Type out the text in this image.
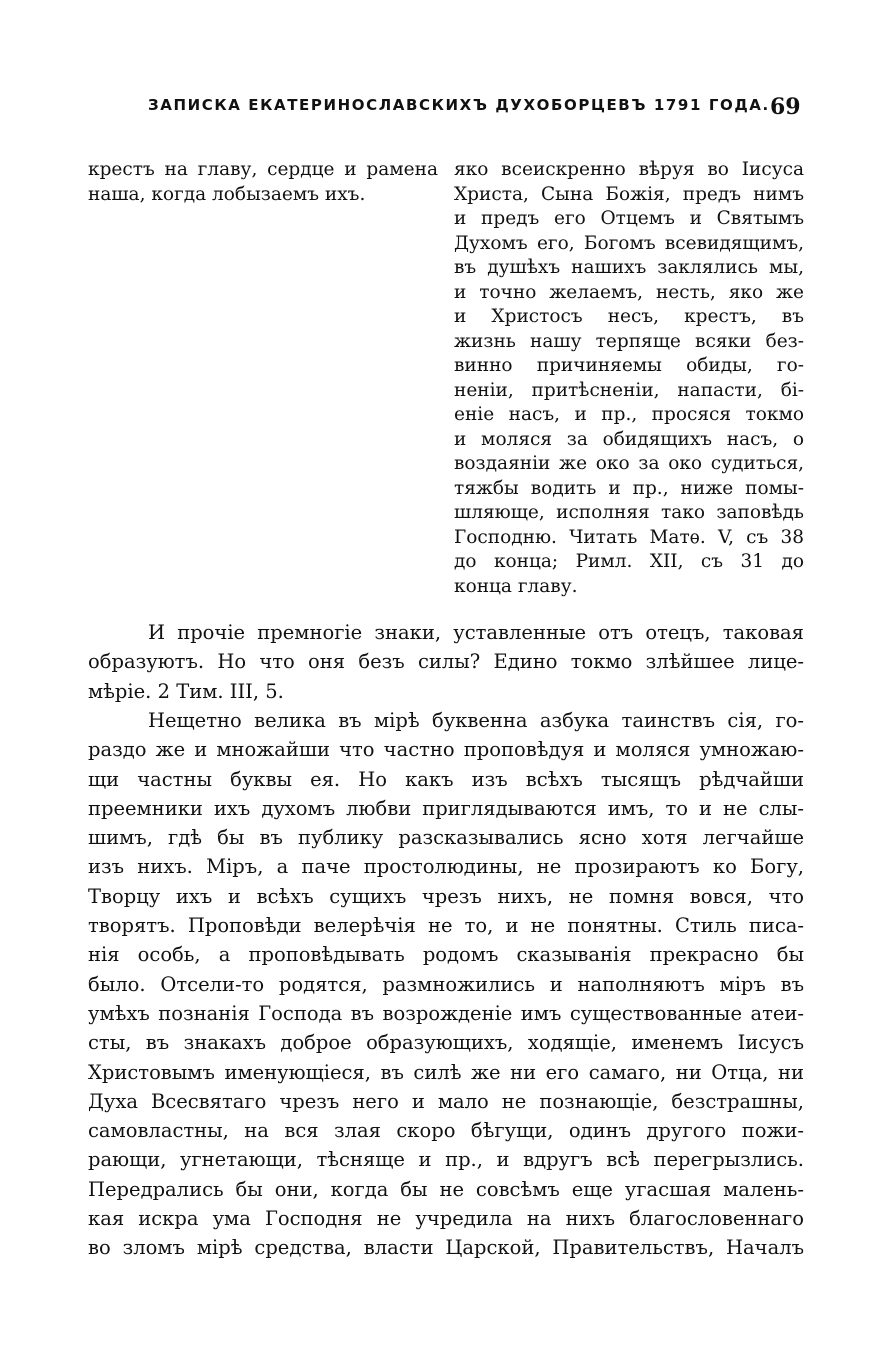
ЗАПИСКА ЕКАТЕРИНОСЛАВСКИХЪ ДУХОБОРЦЕВЪ 1791 ГОДА. 69
крестъ на главу, сердце и рамена
наша, когда лобызаемъ ихъ.
яко всеискренно вѣруя во Іисуса
Христа, Сына Божія, предъ нимъ
и предъ его Отцемъ и Святымъ
Духомъ его, Богомъ всевидящимъ,
въ душѣхъ нашихъ заклялись мы,
и точно желаемъ, несть, яко же
и Христосъ несъ, крестъ, въ
жизнь нашу терпяще всяки без-
винно причиняемы обиды, го-
неніи, притѣсненіи, напасти, бі-
еніе насъ, и пр., просяся токмо
и моляся за обидящихъ насъ, о
воздаяніи же око за око судиться,
тяжбы водить и пр., ниже помы-
шляюще, исполняя тако заповѣдь
Господню. Читать Матѳ. V, съ 38
до конца; Римл. XII, съ 31 до
конца главу.
И прочіе премногіе знаки, уставленные отъ отецъ, таковая
образуютъ. Но что оня безъ силы? Едино токмо злѣйшее лице-
мѣріе. 2 Тим. III, 5.
Нещетно велика въ мірѣ буквенна азбука таинствъ сія, го-
раздо же и множайши что частно проповѣдуя и моляся умножаю-
щи частны буквы ея. Но какъ изъ всѣхъ тысящъ рѣдчайши
преемники ихъ духомъ любви приглядываются имъ, то и не слы-
шимъ, гдѣ бы въ публику разсказывались ясно хотя легчайше
изъ нихъ. Міръ, а паче простолюдины, не прозираютъ ко Богу,
Творцу ихъ и всѣхъ сущихъ чрезъ нихъ, не помня вовся, что
творятъ. Проповѣди велерѣчія не то, и не понятны. Стиль писа-
нія особь, а проповѣдывать родомъ сказыванія прекрасно бы
было. Отсели-то родятся, размножились и наполняютъ міръ въ
умѣхъ познанія Господа въ возрожденіе имъ существованные атеи-
сты, въ знакахъ доброе образующихъ, ходящіе, именемъ Іисусъ
Христовымъ именующіеся, въ силѣ же ни его самаго, ни Отца, ни
Духа Всесвятаго чрезъ него и мало не познающіе, безстрашны,
самовластны, на вся злая скоро бѣгущи, одинъ другого пожи-
рающи, угнетающи, тѣсняще и пр., и вдругъ всѣ перегрызлись.
Передрались бы они, когда бы не совсѣмъ еще угасшая малень-
кая искра ума Господня не учредила на нихъ благословеннаго
во зломъ мірѣ средства, власти Царской, Правительствъ, Началъ
